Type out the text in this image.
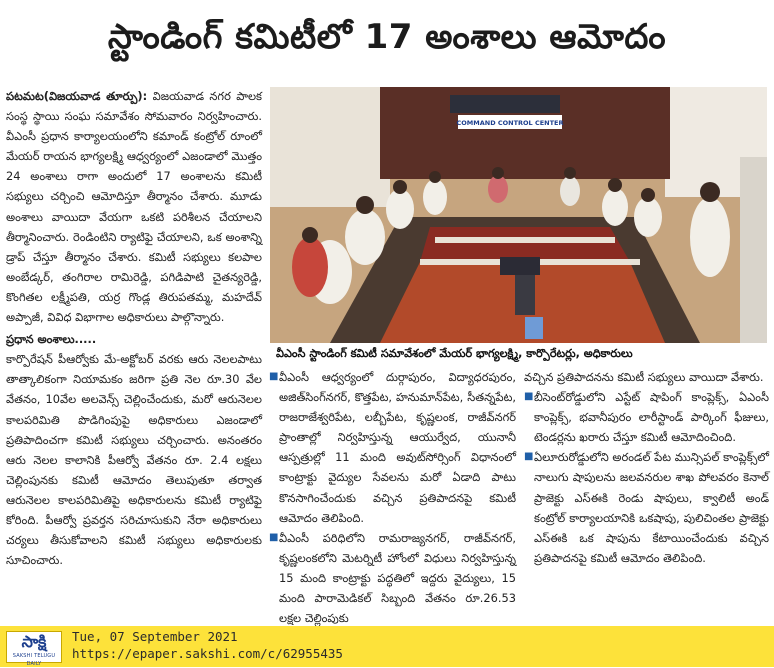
స్టాండింగ్ కమిటీలో 17 అంశాలు ఆమోదం

పటమట(విజయవాడ తూర్పు): విజయవాడ నగర పాలక సంస్థ స్థాయి సంఘ సమావేశం సోమవారం నిర్వహించారు. వీఎంసీ ప్రధాన కార్యాలయంలోని కమాండ్ కంట్రోల్ రూంలో మేయర్ రాయన భాగ్యలక్ష్మి ఆధ్వర్యంలో ఎజండాలో మొత్తం 24 అంశాలు రాగా అందులో 17 అంశాలను కమిటీ సభ్యులు చర్చించి ఆమోదిస్తూ తీర్మానం చేశారు. మూడు అంశాలు వాయిదా వేయగా ఒకటి పరిశీలన చేయాలని తీర్మానించారు. రెండింటిని ర్యాటిఫై చేయాలని, ఒక అంశాన్ని డ్రాప్ చేస్తూ తీర్మానం చేశారు. కమిటీ సభ్యులు కలపాల అంబేడ్కర్, తంగిరాల రామిరెడ్డి, పగిడిపాటి చైతన్యరెడ్డి, కొంగితల లక్ష్మీపతి, యర్ర గొండ్ల తిరుపతమ్మ, మహదేవ్ అప్పాజీ, వివిధ విభాగాల అధికారులు పాల్గొన్నారు.

ప్రధాన అంశాలు.....

కార్పొరేషన్ పీఆర్వోకు మే-అక్టోబర్ వరకు ఆరు నెలలపాటు తాత్కాలికంగా నియామకం జరిగా ప్రతి నెల రూ.30 వేల వేతనం, 10వేల అలవెన్స్ చెల్లించేందుకు, మరో ఆరునెలల కాలపరిమితి పొడిగింపుపై అధికారులు ఎజండాలో ప్రతిపాదించగా కమిటీ సభ్యులు చర్చించారు. అనంతరం ఆరు నెలల కాలానికి పీఆర్వో వేతనం రూ. 2.4 లక్షలు చెల్లింపునకు కమిటీ ఆమోదం తెలుపుతూ తర్వాత ఆరునెలల కాలపరిమితిపై అధికారులను కమిటీ ర్యాటిఫై కోరింది. పీఆర్వో ప్రవర్తన సరిచూసుకుని నేరా అధికారులు చర్యలు తీసుకోవాలని కమిటీ సభ్యులు అధికారులకు సూచించారు.

COMMAND CONTROL CENTER
వీఎంసీ స్టాండింగ్ కమిటీ సమావేశంలో మేయర్ భాగ్యలక్ష్మి, కార్పొరేటర్లు, అధికారులు
■ వీఎంసీ ఆధ్వర్యంలో దుర్గాపురం, విద్యాధరపురం, అజిత్‌సింగ్‌నగర్, కొత్తపేట, హనుమాన్‌పేట, సీతన్నపేట, రాజరాజేశ్వరిపేట, లబ్బీపేట, కృష్ణలంక, రాజీవ్‌నగర్ ప్రాంతాల్లో నిర్వహిస్తున్న ఆయుర్వేద, యునానీ ఆస్పత్రుల్లో 11 మంది అవుట్‌సోర్సింగ్ విధానంలో కాంట్రాక్టు వైద్యుల సేవలను మరో ఏడాది పాటు కొనసాగించేందుకు వచ్చిన ప్రతిపాదనపై కమిటీ ఆమోదం తెలిపింది.
■ వీఎంసీ పరిధిలోని రామరాజ్యనగర్, రాజీవ్‌నగర్, కృష్ణలంకలోని మెటర్నిటీ హోంలో విధులు నిర్వహిస్తున్న 15 మంది కాంట్రాక్టు పద్ధతిలో ఇద్దరు వైద్యులు, 15 మంది పారామెడికల్ సిబ్బంది వేతనం రూ.26.53 లక్షల చెల్లింపుకు

వచ్చిన ప్రతిపాదనను కమిటీ సభ్యులు వాయిదా వేశారు.

■ బీసెంట్‌రోడ్డులోని ఎస్టేట్ షాపింగ్ కాంప్లెక్స్, ఏఎంసీ కాంప్లెక్స్, భవానీపురం లారీస్టాండ్ పార్కింగ్ ఫీజులు, టెండర్లను ఖరారు చేస్తూ కమిటీ ఆమోదించింది.
■ ఏలూరురోడ్డులోని అరండల్ పేట మున్సిపల్ కాంప్లెక్స్‌లో నాలుగు షాపులను జలవనరుల శాఖ పోలవరం కెనాల్ ప్రాజెక్టు ఎస్ఈకి రెండు షాపులు, క్వాలిటీ అండ్ కంట్రోల్ కార్యాలయానికి ఒకషాపు, పులిచింతల ప్రాజెక్టు ఎస్ఈకి ఒక షాపును కేటాయించేందుకు వచ్చిన ప్రతిపాదనపై కమిటీ ఆమోదం తెలిపింది.
సాక్షి
SAKSHI TELUGU DAILY
Tue, 07 September 2021
https://epaper.sakshi.com/c/62955435
